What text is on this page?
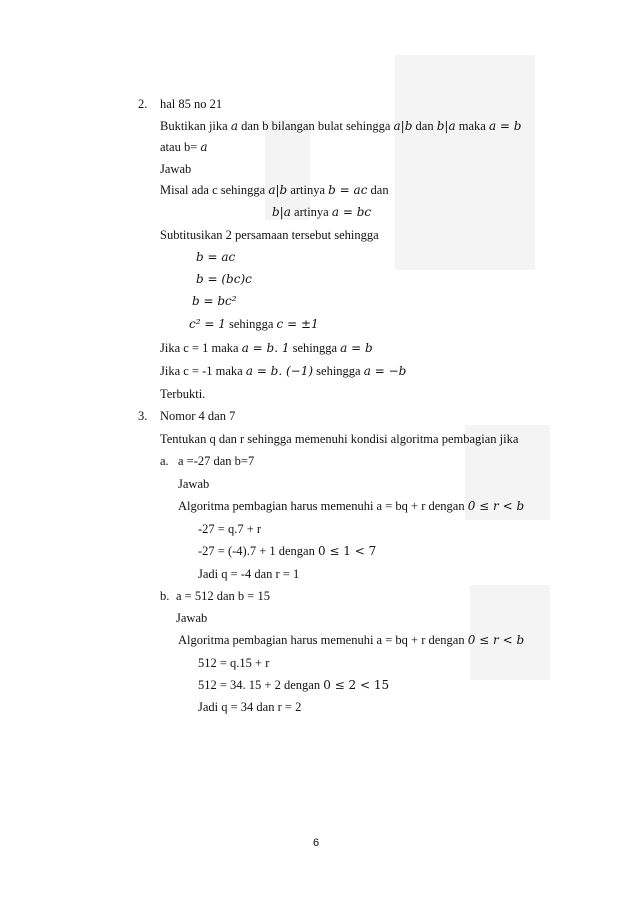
2. hal 85 no 21
Buktikan jika a dan b bilangan bulat sehingga a|b dan b|a maka a = b
atau b= a
Jawab
Misal ada c sehingga a|b artinya b = ac dan
b|a artinya a = bc
Subtitusikan 2 persamaan tersebut sehingga
b = ac
b = (bc)c
b = bc²
c² = 1 sehingga c = ±1
Jika c = 1 maka a = b. 1 sehingga a = b
Jika c = -1 maka a = b. (−1) sehingga a = −b
Terbukti.
3. Nomor 4 dan 7
Tentukan q dan r sehingga memenuhi kondisi algoritma pembagian jika
a. a =-27 dan b=7
Jawab
Algoritma pembagian harus memenuhi a = bq + r dengan 0 ≤ r < b
-27 = q.7 + r
-27 = (-4).7 + 1 dengan 0 ≤ 1 < 7
Jadi q = -4 dan r = 1
b. a = 512 dan b = 15
Jawab
Algoritma pembagian harus memenuhi a = bq + r dengan 0 ≤ r < b
512 = q.15 + r
512 = 34. 15 + 2 dengan 0 ≤ 2 < 15
Jadi q = 34 dan r = 2
6
